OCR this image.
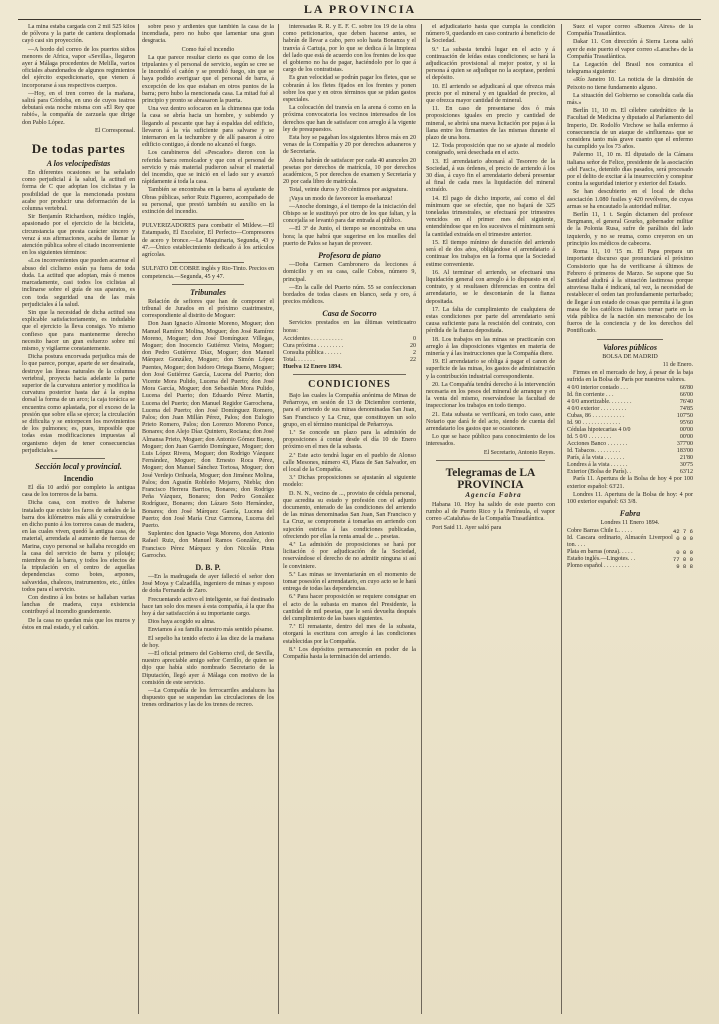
LA PROVINCIA

La mina estaba cargada con 2 mil 525 kilos de pólvora y la parte de cantera desplomada cayó casi sin proyección.

—A bordo del correo de los puertos sidios menores de Africa, vapor «Sevilla», llegaron ayer á Málaga procedentes de Melilla, varios oficiales abandonados de algunos regimientos del ejército expedicionario, que vienen á incorporarse á sus respectivos cuerpos.

—Hoy, en el tren correo de la mañana, salirá para Córdoba, en uno de cuyos teatros debutará esta noche misma con «El Rey que rabió», la compañía de zarzuela que dirige don Pablo López.

El Corresponsal.

De todas partes
A los velocipedistas

En diferentes ocasiones se ha señalado como perjudicial á la salud, la actitud en forma de C que adoptan los ciclistas y la posibilidad de que la mencionada postura acabe por producir una deformación de la columna vertebral.

Sir Benjamín Richardson, médico inglés, apasionado por el ejercicio de la bicicleta, circunstancia que presta carácter sincero y veraz á sus afirmaciones, acaba de llamar la atención pública sobre el citado inconveniente en los siguientes términos:

«Los inconvenientes que pueden acarrear el abuso del ciclismo están ya fuera de toda duda. La actitud que adoptan, más ó menos marcadamente, casi todos los ciclistas al inclinarse sobre el guía de sus aparatos, es con toda seguridad una de las más perjudiciales á la salud.

Sin que la necesidad de dicha actitud sea explicable satisfactoriamente, es indudable que el ejercicio la lleva consigo. Yo mismo confieso que para mantenerme derecho necesito hacer un gran esfuerzo sobre mí mismo, y vigilarme constantemente.

Dicha postura encorvada perjudica más de lo que parece, porque, aparte de ser desairada, destruye las líneas naturales de la columna vertebral, proyecta hacia adelante la parte superior de la curvatura anterior y modifica la curvatura posterior hasta dar á la espina dorsal la forma de un arco; la caja torácica se encuentra como aplastada, por el exceso de la presión que sobre ella se ejerce; la circulación se dificulta y se entorpecen los movimientos de los pulmones; es, pues, imposible que todas estas modificaciones impuestas al organismo dejen de tener consecuencias perjudiciales.»

Sección local y provincial.
Incendio

El día 10 ardió por completo la antigua casa de los torreros de la barra.

Dicha casa, con motivo de haberse instalado que existe los faros de señales de la barra dos kilómetros más allá y construídose en dicho punto á los torreros casas de madera, en las cuales viven, quedó la antigua casa, de material, arrendada al aumento de fuerzas de Marina, cuyo personal se hallaba recogido en la casa del servicio de barra y pilotaje; miembros de la barra, y todos los efectos de la tripulación en el centro de aquellas dependencias como botes, arpones, salvavidas, chalecos, instrumentos, etc., útiles todos para el servicio.

Con destino á los botes se hallaban varias lanchas de madera, cuya existencia contribuyó al incendio grandemente.

De la casa no quedan más que los muros y éstos en mal estado, y el cañón.

sobre peso y ardientes que también la casa de la incendiada, pero no hubo que lamentar una gran desgracia.

Como fué el incendio

La que parece resultar cierto es que como de los tripulantes y el personal de servicio, según se cree se le incendió el cañón y se prendió fuego, sin que se haya podido averiguar que el personal de barra, á excepción de los que estaban en otros puntos de la barra; pero hubo la mencionada casa. La mitad fué al principio y pronto se abrasaron la puerta.

Una vez dentro sofocaron en la chimenea que toda la casa se abría hacia un hombre, y subiendo y llegando al pescante que hay á espaldas del edificio, llevaron á la vía suficiente para salvarse y se internaron en la techumbre y de allí pasaron á otro edificio contiguo, á donde no alcanzó el fuego.

Los carabineros del «Pescador» dieron con la referida barca remolcador y que con el personal de servicio y más material pudieron salvar el material del incendio, que se inició en el lado sur y avanzó rápidamente á toda la casa.

También se encontraba en la barra al ayudante de Obras públicas, señor Ruiz Figuereo, acompañado de su personal, que prestó también su auxilio en la extinción del incendio.

PULVERIZADORES para combatir el Mildew.—El Estampado, El Excelsior, El Perfecto—Compresores de acero y bronce.—La Maquinaria, Segunda, 43 y 47.—Único establecimiento dedicado á los artículos agrícolas.

SULFATO DE COBRE inglés y Rio-Tinto. Precios en competencia.—Segunda, 45 y 47.

Tribunales

Relación de sefiores que han de componer el tribunal de Jurados en el próximo cuatrimestre, correspondiente al distrito de Moguer:

Don Juan Ignacio Almonte Moreno, Moguer; don Manuel Ramírez Molina, Moguer; don José Ramírez Moreno, Moguer; don José Domínguez Villegas, Moguer; don Inocencio Gutiérrez Vieira, Moguer; don Pedro Gutiérrez Díaz, Moguer; don Manuel Márquez González, Moguer; don Simón López Puentes, Moguer; don Isidoro Ortega Bueno, Moguer; don José Gutiérrez García, Lucena del Puerto; don Vicente Mora Pulido, Lucena del Puerto; don José Mora García, Moguer; don Sebastián Mora Pulido, Lucena del Puerto; don Eduardo Pérez Martín, Lucena del Puerto; don Manuel Regidor Garrochena, Lucena del Puerto; don José Domínguez Romero, Palos; don Juan Millán Pérez, Palos; don Eulogio Prieto Romero, Palos; don Lorenzo Moreno Ponce, Bonares; don Alejo Díaz Quintero, Rociana; don José Almansa Prieto, Moguer; don Antonio Gómez Bueno, Moguer; don Juan Garrido Domínguez, Moguer; don Luis López Rivera, Moguer; don Rodrigo Vázquez Fernández, Moguer; don Ernesto Roca Pérez, Moguer; don Manuel Sánchez Tortosa, Moguer; don José Verdejo Orihuela, Moguer; don Jiménez Molina, Palos; don Agustín Robleño Mojarro, Niebla; don Francisco Herrera Barrios, Bonares; don Rodrigo Peña Vázquez, Bonares; don Pedro González Rodríguez, Bonares; don Lázaro Soto Hernández, Bonares; don José Márquez García, Lucena del Puerto; don José María Cruz Carmona, Lucena del Puerto.

Suplentes: don Ignacio Vega Moreno, don Antonio Rafael Ruiz, don Manuel Ramos González, don Francisco Pérez Márquez y don Nicolás Pinta Garrocho.

D. B. P.

—En la madrugada de ayer falleció el señor don José Moya y Calzadilla, ingeniero de minas y esposo de doña Fernanda de Zaro.

Frecuentando activo el inteligente, se fué destinado hace tan solo dos meses á esta compañía, á la que iba hoy á dar satisfacción á su importante cargo.

Dios haya acogido su alma.

Enviamos á su familia nuestro más sentido pésame.

El sepelio ha tenido efecto á las diez de la mañana de hoy.

—El oficial primero del Gobierno civil, de Sevilla, nuestro apreciable amigo señor Cerrillo, de quien se dijo que había sido nombrado Secretario de la Diputación, llegó ayer á Málaga con motivo de la comisión de este servicio.

—La Compañía de los ferrocarriles andaluces ha dispuesto que se suspendan las circulaciones de los trenes ordinarios y las de los trenes de recreo.

interesadas R. R. y E. F. C. sobre los 19 de la obra como peticionarios, que deben hacerse antes, se habrán de llevar a cabo, pero solo hasta Bonanza y el tranvía á Cartuja, por lo que se dedica á la limpieza del lado que está de acuerdo con los frentes de los que el gobierno no ha de pagar, haciéndolo por lo que á cargo de los contratistas.

Es gran velocidad se podrán pagar los fletes, que se cobrarán á los fletes fijados en los frentes y ponen sobre los que y en otros términos que se pidan gastos especiales.

La colocación del tranvía en la arena ó como en la próxima convocatoria los vecinos interesados de los derechos que han de satisfacer con arreglo á la vigente ley de presupuestos.

Esta hoy se pagaban los siguientes libros más en 20 venas de la Compañía y 20 por derechos aduaneros y de Secretaría.

Ahora habrán de satisfacer por cada 40 aranceles 20 pesetas por derechos de matrícula, 10 por derechos académicos, 5 por derechos de examen y Secretaría y 20 por cada libro de matrícula.

Total, veinte duros y 30 céntimos por asignatura.

¡Vaya un modo de favorecer la enseñanza!

—Anoche domingo, á el tiempo de la iniciación del Obispo se le sustituyó por otro de los que faltan, y la concejalía se levantó para dar entrada al público.

—El 3º de Junio, el tiempo se encontraba en una hora; la que habrá que sugerirse en los muelles del puerto de Palos se hayan de proveer.

Profesora de piano

—Doña Carmen Cambronero da lecciones á domicilio y en su casa, calle Cobos, número 9, principal.

—En la calle del Puerto núm. 55 se confeccionan bordados de todas clases en blanco, seda y oro, á precios módicos.

Casa de Socorro

Servicios prestados en las últimas veinticuatro horas:

Accidentes . . . . . . . . . . .	0
Cura próxima . . . . . . . . .	20
Consulta pública . . . . . .	2
Total. . . . . . .	22

Huelva 12 Enero 1894.

CONDICIONES

Bajo las cuales la Compañía anónima de Minas de Peñarroya, en sesión de 13 de Diciembre corriente, para el arriendo de sus minas denominadas San Juan, San Francisco y La Cruz, que constituyen un solo grupo, en el término municipal de Peñarroya.

1.ª Se concede un plazo para la admisión de proposiciones á contar desde el día 10 de Enero próximo en el mes de la subasta.

2.ª Este acto tendrá lugar en el pueblo de Alonso calle Mesones, número 43, Plaza de San Salvador, en el local de la Compañía.

3.ª Dichas proposiciones se ajustarán al siguiente modelo:

D. N. N., vecino de ..., provisto de cédula personal, que acredita su estado y profesión con el adjunto documento, enterado de las condiciones del arriendo de las minas denominadas San Juan, San Francisco y La Cruz, se compromete á tomarlas en arriendo con sujeción estricta á las condiciones publicadas, ofreciendo por ellas la renta anual de ... pesetas.

4.ª La admisión de proposiciones se hará por licitación ó por adjudicación de la Sociedad, reservándose el derecho de no admitir ninguna si así le conviniere.

5.ª Las minas se inventariarán en el momento de tomar posesión el arrendatario, en cuyo acto se le hará entrega de todas las dependencias.

6.ª Para hacer proposición se requiere consignar en el acto de la subasta en manos del Presidente, la cantidad de mil pesetas, que le será devuelta después del cumplimiento de las bases siguientes.

7.ª El rematante, dentro del mes de la subasta, otorgará la escritura con arreglo á las condiciones establecidas por la Compañía.

8.ª Los depósitos permanecerán en poder de la Compañía hasta la terminación del arriendo.

el adjudicatario hasta que cumpla la condición número 9, quedando en caso contrario á beneficio de la Sociedad.

9.ª La subasta tendrá lugar en el acto y á continuación de leídas estas condiciones; se hará la adjudicación provisional al mejor postor, y si la persona á quien se adjudique no la aceptase, perderá el depósito.

10. El arriendo se adjudicará al que ofrezca más precio por el mineral y en igualdad de precios, al que ofrezca mayor cantidad de mineral.

11. En caso de presentarse dos ó más proposiciones iguales en precio y cantidad de mineral, se abrirá una nueva licitación por pujas á la llana entre los firmantes de las mismas durante el plazo de una hora.

12. Toda proposición que no se ajuste al modelo consignado, será desechada en el acto.

13. El arrendatario abonará al Tesorero de la Sociedad, á sus órdenes, el precio de arriendo á los 30 días, á cuyo fin el arrendatario deberá presentar al final de cada mes la liquidación del mineral extraído.

14. El pago de dicho importe, así como el del mínimum que se efectúe, que no bajará de 325 toneladas trimestrales, se efectuará por trimestres vencidos en el primer mes del siguiente, entendiéndose que en los sucesivos el mínimum será la cantidad extraída en el trimestre anterior.

15. El tiempo mínimo de duración del arriendo será el de dos años, obligándose el arrendatario á continuar los trabajos en la forma que la Sociedad estime conveniente.

16. Al terminar el arriendo, se efectuará una liquidación general con arreglo á lo dispuesto en el contrato, y si resultasen diferencias en contra del arrendatario, se le descontarán de la fianza depositada.

17. La falta de cumplimiento de cualquiera de estas condiciones por parte del arrendatario será causa suficiente para la rescisión del contrato, con pérdida de la fianza depositada.

18. Los trabajos en las minas se practicarán con arreglo á las disposiciones vigentes en materia de minería y á las instrucciones que la Compañía diere.

19. El arrendatario se obliga á pagar el canon de superficie de las minas, los gastos de administración y la contribución industrial correspondiente.

20. La Compañía tendrá derecho á la intervención necesaria en los pesos del mineral de arranque y en la venta del mismo, reservándose la facultad de inspeccionar los trabajos en todo tiempo.

21. Esta subasta se verificará, en todo caso, ante Notario que dará fe del acto, siendo de cuenta del arrendatario los gastos que se ocasionen.

Lo que se hace público para conocimiento de los interesados.

El Secretario, Antonio Reyes.

Telegramas de LA PROVINCIA

Agencia Fabra

Habana 10. Hoy ha salido de este puerto con rumbo al de Puerto Rico y la Península, el vapor correo «Cataluña» de la Compañía Trasatlántica.

Port Said 11. Ayer salió para

Suez el vapor correo «Buenos Aires» de la Compañía Trasatlántica.

Dakar 11. Con dirección á Sierra Leona salió ayer de este puerto el vapor correo «Larache» de la Compañía Trasatlántica.

La Legación del Brasil nos comunica el telegrama siguiente:

«Río Janeiro 10. La noticia de la dimisión de Peixoto no tiene fundamento alguno.

La situación del Gobierno se consolida cada día más.»

Berlín 11, 10 m. El célebre catedrático de la Facultad de Medicina y diputado al Parlamento del Imperio, Dr. Rodolfo Virchow se halla enfermo á consecuencia de un ataque de «influenza» que se considera tanto más grave cuanto que el enfermo ha cumplido ya los 73 años.

Palermo 11, 10 m. El diputado de la Cámara italiana señor de Felice, presidente de la asociación «del Fasci», detenido días pasados, será procesado por el delito de excitar á la insurrección y conspirar contra la seguridad interior y exterior del Estado.

Se han descubierto en el local de dicha asociación 1.080 fusiles y 420 revólvers, de cuyas armas se ha encautado la autoridad militar.

Berlín 11, 1 t. Según dictamen del profesor Bergmann, el general Gourko, gobernador militar de la Polonia Rusa, sufre de parálisis del lado izquierdo, y no se reuma, como creyeron en un principio los médicos de cabecera.

Roma 11, 10 '15 m. El Papa prepara un importante discurso que pronunciará el próximo Consistorio que ha de verificarse á últimos de Febrero ó primeros de Marzo. Se supone que Su Santidad aludirá á la situación lastimosa porque atraviesa Italia é indicará, tal vez, la necesidad de restablecer el orden tan profundamente perturbado; de llegar á un estado de cosas que permita á la gran masa de los católicos italianos tomar parte en la vida pública de la nación sin menoscabo de los fueros de la conciencia y de los derechos del Pontificado.

Valores públicos

BOLSA DE MADRID

11 de Enero.

Firmes en el mercado de hoy, á pesar de la baja sufrida en la Bolsa de París por nuestros valores.

4 0/0 interior contado . . .	66'80
Id. fin corriente . . .	66'00
4 0/0 amortizable. . . . . . . .	76'40
4 0/0 exterior . . . . . . . . .	74'85
Cubas, 86 . . . . . . . . . . .	107'50
Id. 90 . . . . . . . . . . . . .	95'60
Cédulas hipotecarias 4 0/0	00'00
Id. 5 0/0 . . . . . . . .	00'00
Acciones Banco . . . . . . .	377'00
Id. Tabacos. . . . . . . . .	183'00
París, á la vista . . . . . . .	21'80
Londres á la vista . . . . . .	30'75
Exterior (Bolsa de París). .	63'12

París 11. Apertura de la Bolsa de hoy 4 por 100 exterior español: 63'21.

Londres 11. Apertura de la Bolsa de hoy: 4 por 100 exterior español: 63 3/8.

Fabra

Londres 11 Enero 1894.

Cobre Barras Chile L. . . . .	42 7 6
Id. Cascara ordinario, Almacén Liverpool ton. . . .	0 0 0
Plata en barras (onza). . . . .	0 0 0
Estaño inglés.—Lingotes. . .	77 0 0
Plomo español . . . . . . . . .	9 8 8
